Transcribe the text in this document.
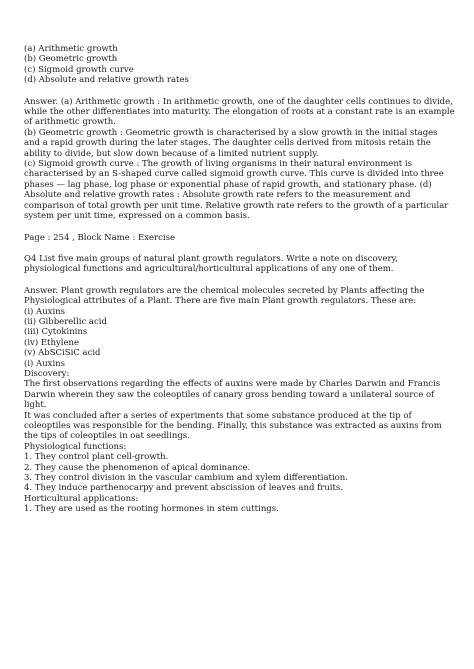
(a) Arithmetic growth

(b) Geometric growth

(c) Sigmoid growth curve

(d) Absolute and relative growth rates

Answer. (a) Arithmetic growth : In arithmetic growth, one of the daughter cells continues to divide, while the other differentiates into maturity. The elongation of roots at a constant rate is an example of arithmetic growth.

(b) Geometric growth : Geometric growth is characterised by a slow growth in the initial stages and a rapid growth during the later stages. The daughter cells derived from mitosis retain the ability to divide, but slow down because of a limited nutrient supply.

(c) Sigmoid growth curve : The growth of living organisms in their natural environment is characterised by an S-shaped curve called sigmoid growth curve. This curve is divided into three phases — lag phase, log phase or exponential phase of rapid growth, and stationary phase. (d) Absolute and relative growth rates : Absolute growth rate refers to the measurement and comparison of total growth per unit time. Relative growth rate refers to the growth of a particular system per unit time, expressed on a common basis.

Page : 254 , Block Name : Exercise

Q4 List five main groups of natural plant growth regulators. Write a note on discovery, physiological functions and agricultural/horticultural applications of any one of them.

Answer. Plant growth regulators are the chemical molecules secreted by Plants affecting the Physiological attributes of a Plant. There are five main Plant growth regulators. These are:

(i) Auxins

(ii) Gibberellic acid

(iii) Cytokinins

(iv) Ethylene

(v) AbSCiSiC acid

(i) Auxins

Discovery:

The first observations regarding the effects of auxins were made by Charles Darwin and Francis Darwin wherein they saw the coleoptiles of canary gross bending toward a unilateral source of light.

It was concluded after a series of experiments that some substance produced at the tip of coleoptiles was responsible for the bending. Finally, this substance was extracted as auxins from the tips of coleoptiles in oat seedlings.

Physiological functions:

1. They control plant cell-growth.

2. They cause the phenomenon of apical dominance.

3. They control division in the vascular cambium and xylem differentiation.

4. They induce parthenocarpy and prevent abscission of leaves and fruits.

Horticultural applications:

1. They are used as the rooting hormones in stem cuttings.
